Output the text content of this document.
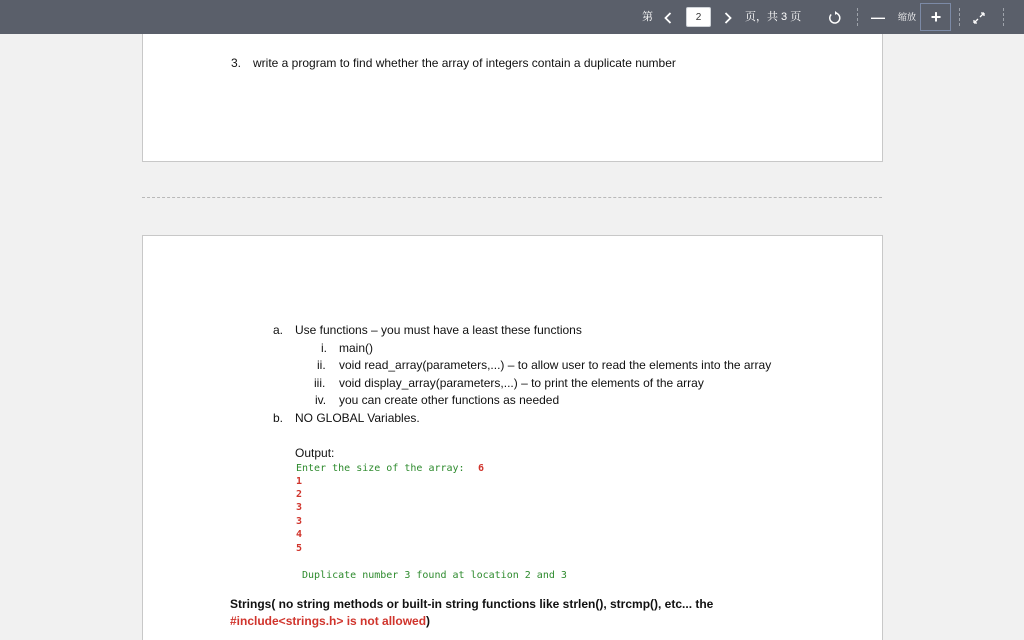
第
2	页，共 3 页	— 缩放 +
3. write a program to find whether the array of integers contain a duplicate number
a. Use functions – you must have a least these functions
i. main()
ii. void read_array(parameters,...) – to allow user to read the elements into the array
iii. void display_array(parameters,...) – to print the elements of the array
iv. you can create other functions as needed
b. NO GLOBAL Variables.
Output:
Enter the size of the array: 6
1
2
3
3
4
5
Duplicate number 3 found at location 2 and 3
Strings( no string methods or built-in string functions like strlen(), strcmp(), etc... the
#include<strings.h> is not allowed)
